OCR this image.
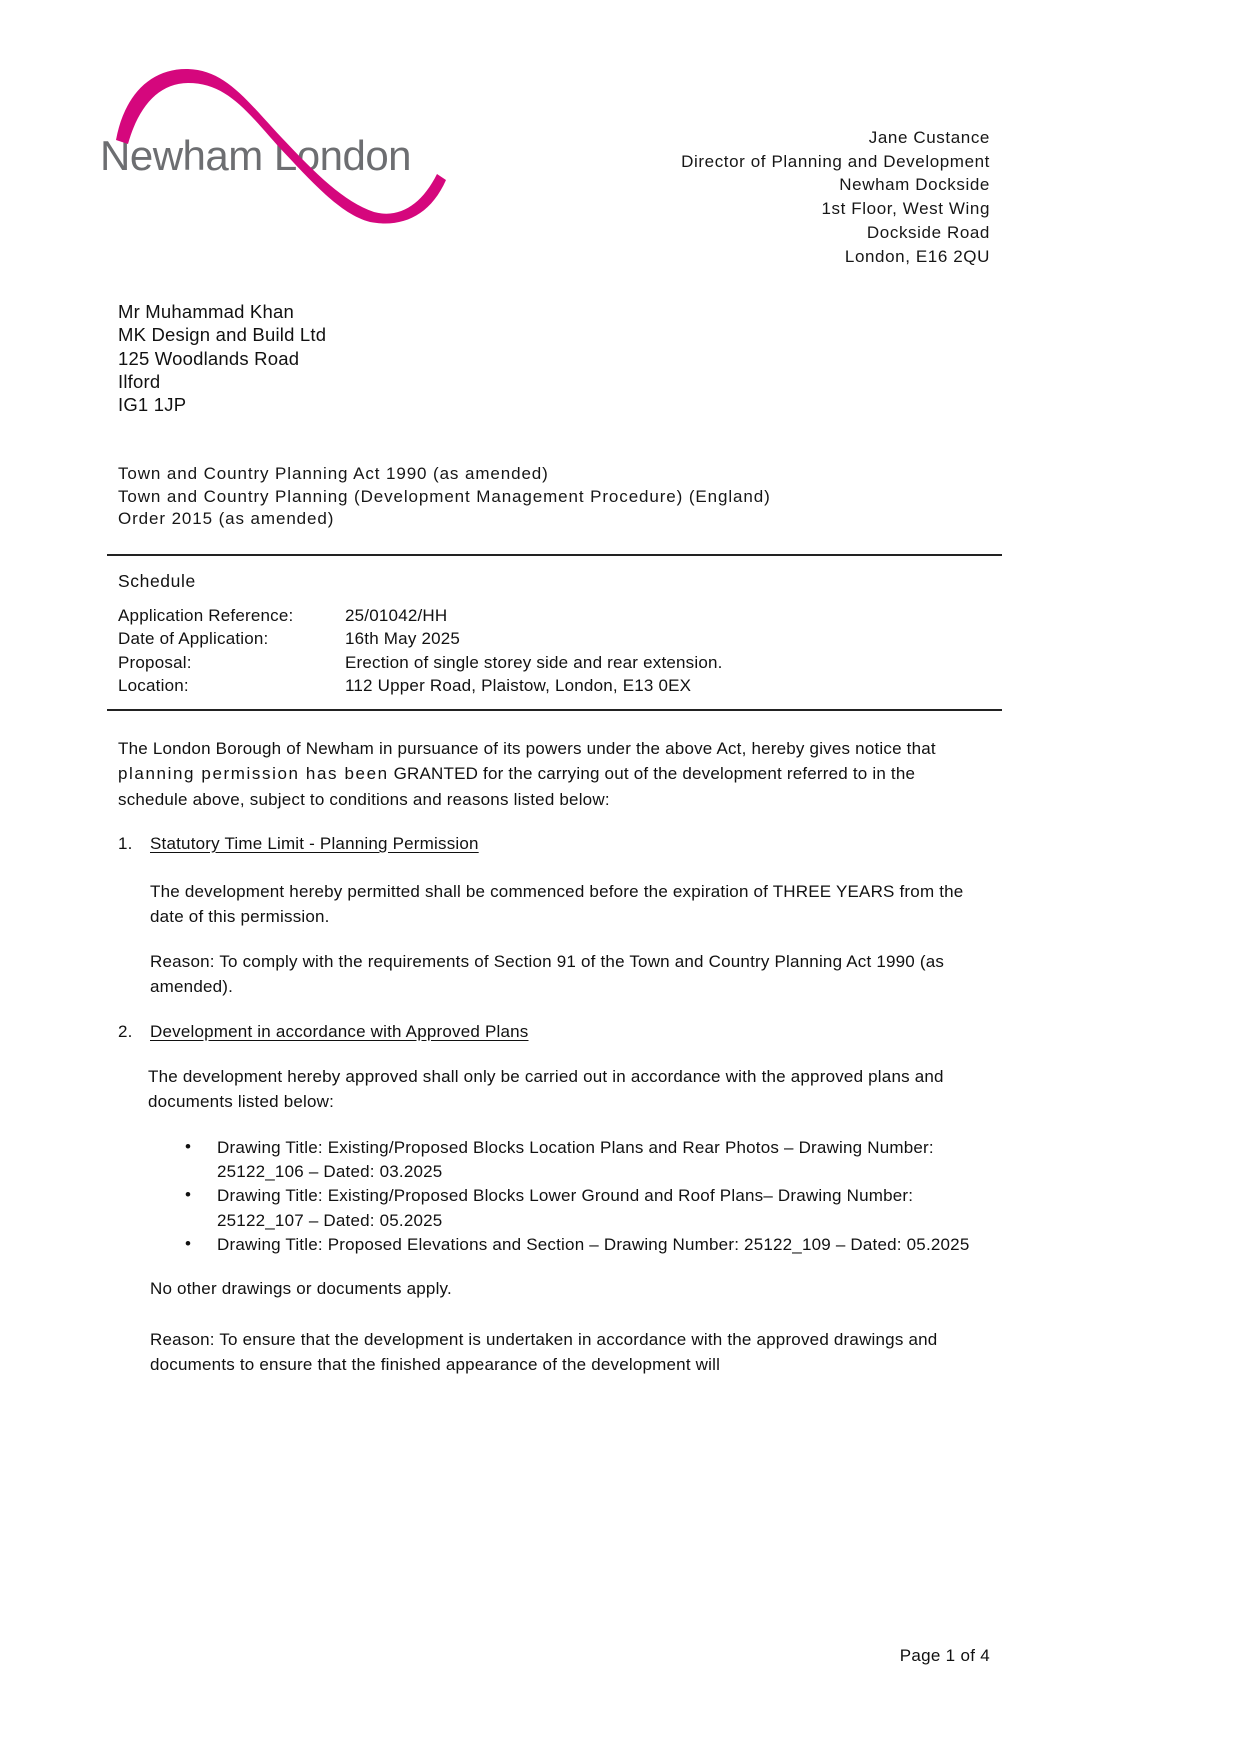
Newham London	Jane Custance
Director of Planning and Development
Newham Dockside
1st Floor, West Wing
Dockside Road
London, E16 2QU
Mr Muhammad Khan
MK Design and Build Ltd
125 Woodlands Road
Ilford
IG1 1JP
Town and Country Planning Act 1990 (as amended)
Town and Country Planning (Development Management Procedure) (England)
Order 2015 (as amended)
Schedule
Application Reference:	25/01042/HH
Date of Application:	16th May 2025
Proposal:	Erection of single storey side and rear extension.
Location:	112 Upper Road, Plaistow, London, E13 0EX

The London Borough of Newham in pursuance of its powers under the above Act, hereby gives notice that planning permission has been GRANTED for the carrying out of the development referred to in the schedule above, subject to conditions and reasons listed below:

1.	Statutory Time Limit - Planning Permission

The development hereby permitted shall be commenced before the expiration of THREE YEARS from the date of this permission.

Reason: To comply with the requirements of Section 91 of the Town and Country Planning Act 1990 (as amended).

2.	Development in accordance with Approved Plans

The development hereby approved shall only be carried out in accordance with the approved plans and documents listed below:

• Drawing Title: Existing/Proposed Blocks Location Plans and Rear Photos – Drawing Number: 25122_106 – Dated: 03.2025
• Drawing Title: Existing/Proposed Blocks Lower Ground and Roof Plans– Drawing Number: 25122_107 – Dated: 05.2025
• Drawing Title: Proposed Elevations and Section – Drawing Number: 25122_109 – Dated: 05.2025

No other drawings or documents apply.

Reason: To ensure that the development is undertaken in accordance with the approved drawings and documents to ensure that the finished appearance of the development will

Page 1 of 4
